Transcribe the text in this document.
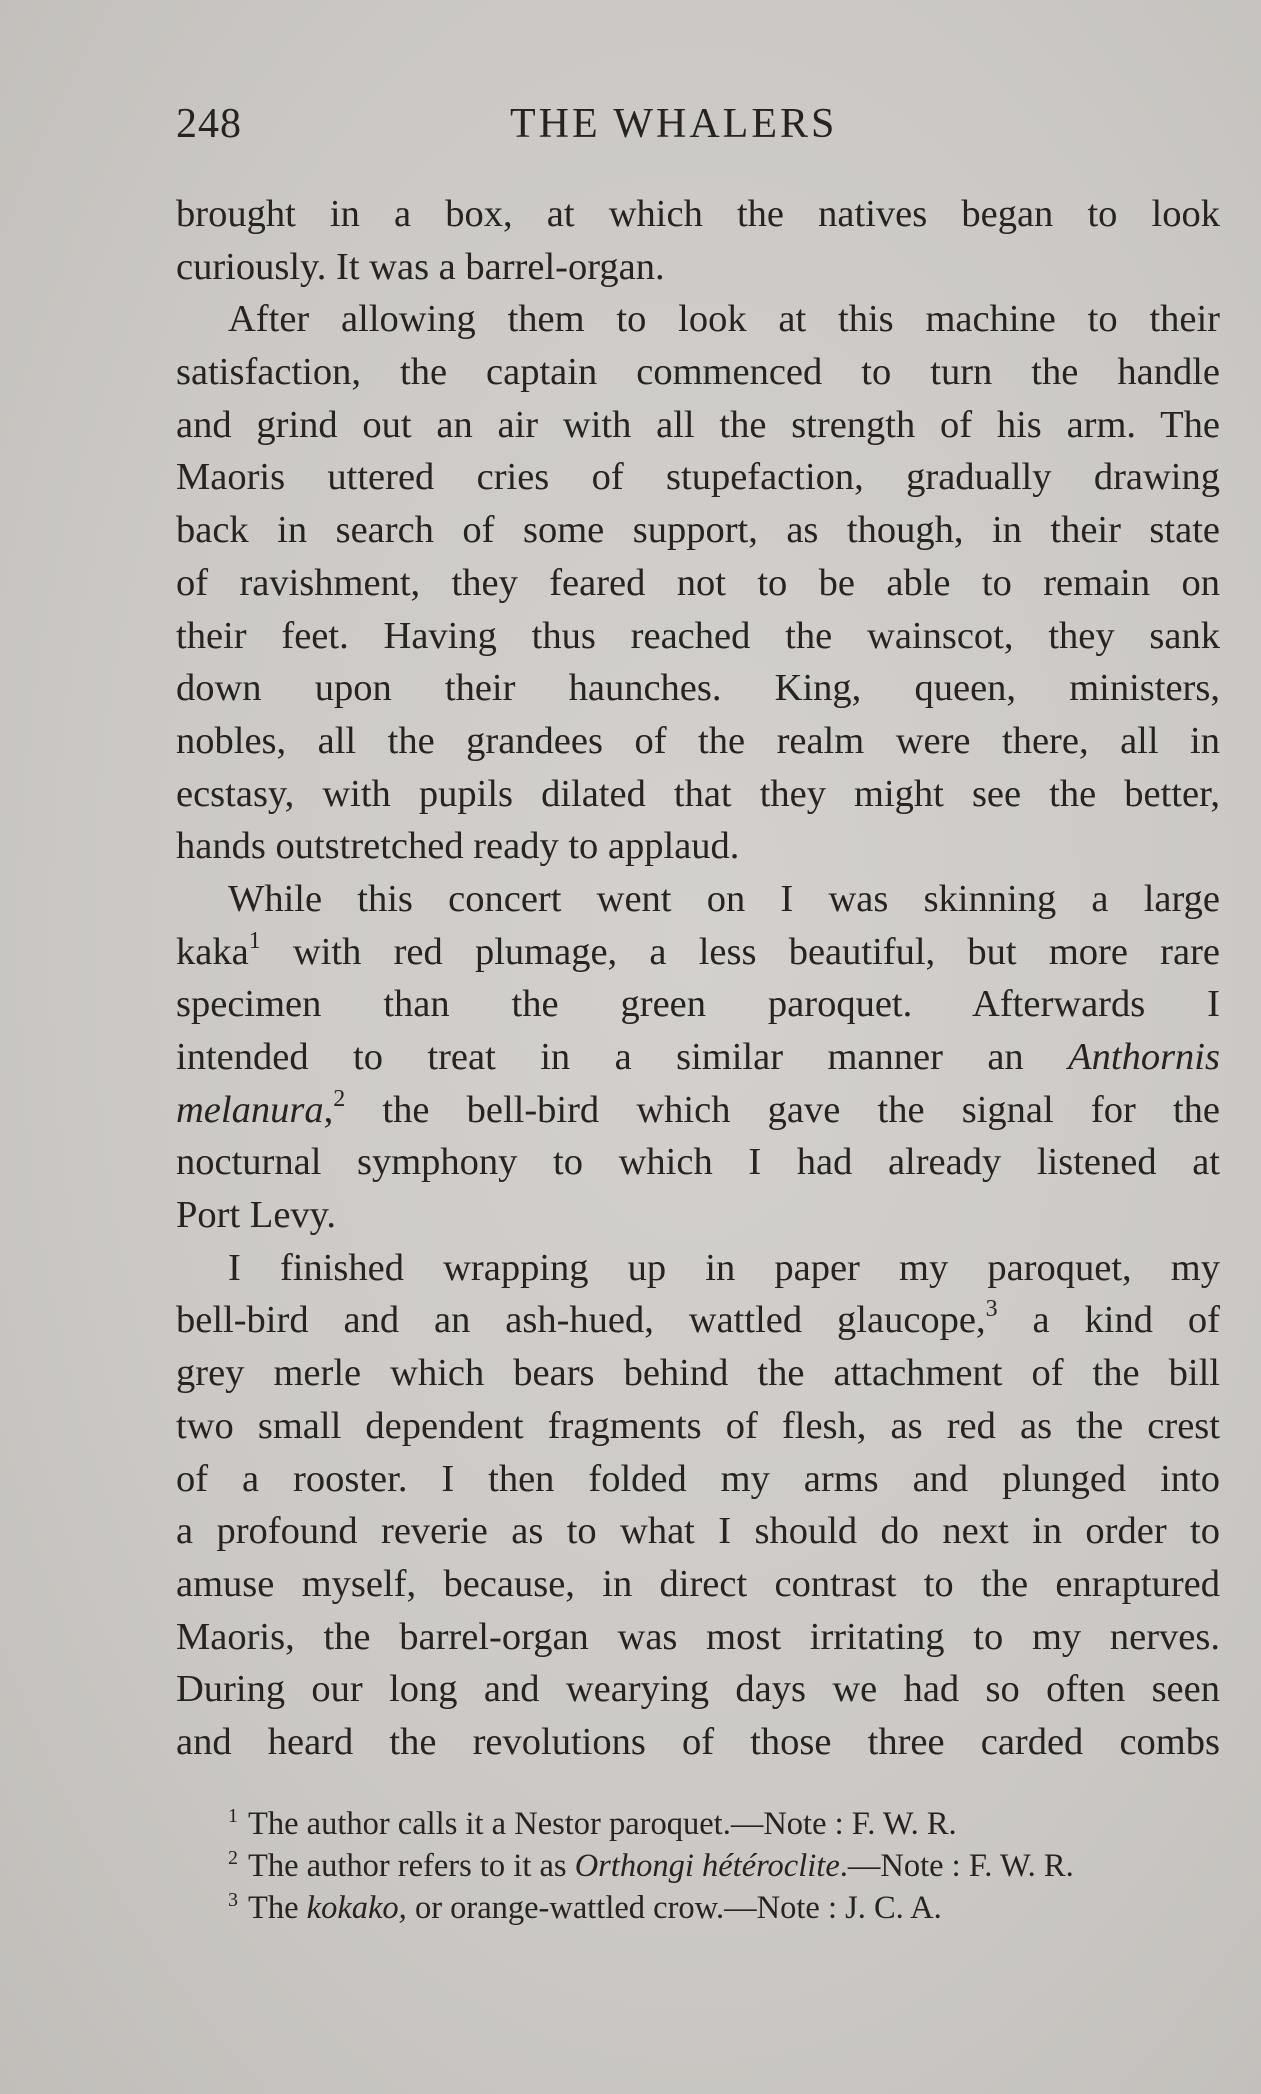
248	THE WHALERS
brought in a box, at which the natives began to look
curiously. It was a barrel-organ.
After allowing them to look at this machine to their
satisfaction, the captain commenced to turn the handle
and grind out an air with all the strength of his arm. The
Maoris uttered cries of stupefaction, gradually drawing
back in search of some support, as though, in their state
of ravishment, they feared not to be able to remain on
their feet. Having thus reached the wainscot, they sank
down upon their haunches. King, queen, ministers,
nobles, all the grandees of the realm were there, all in
ecstasy, with pupils dilated that they might see the better,
hands outstretched ready to applaud.
While this concert went on I was skinning a large
kaka$^1$ with red plumage, a less beautiful, but more rare
specimen than the green paroquet. Afterwards I
intended to treat in a similar manner an Anthornis
melanura,$^2$ the bell-bird which gave the signal for the
nocturnal symphony to which I had already listened at
Port Levy.
I finished wrapping up in paper my paroquet, my
bell-bird and an ash-hued, wattled glaucope,$^3$ a kind of
grey merle which bears behind the attachment of the bill
two small dependent fragments of flesh, as red as the crest
of a rooster. I then folded my arms and plunged into
a profound reverie as to what I should do next in order to
amuse myself, because, in direct contrast to the enraptured
Maoris, the barrel-organ was most irritating to my nerves.
During our long and wearying days we had so often seen
and heard the revolutions of those three carded combs
$^1$ The author calls it a Nestor paroquet.—Note : F. W. R.
$^2$ The author refers to it as Orthongi hétéroclite.—Note : F. W. R.
$^3$ The kokako, or orange-wattled crow.—Note : J. C. A.
